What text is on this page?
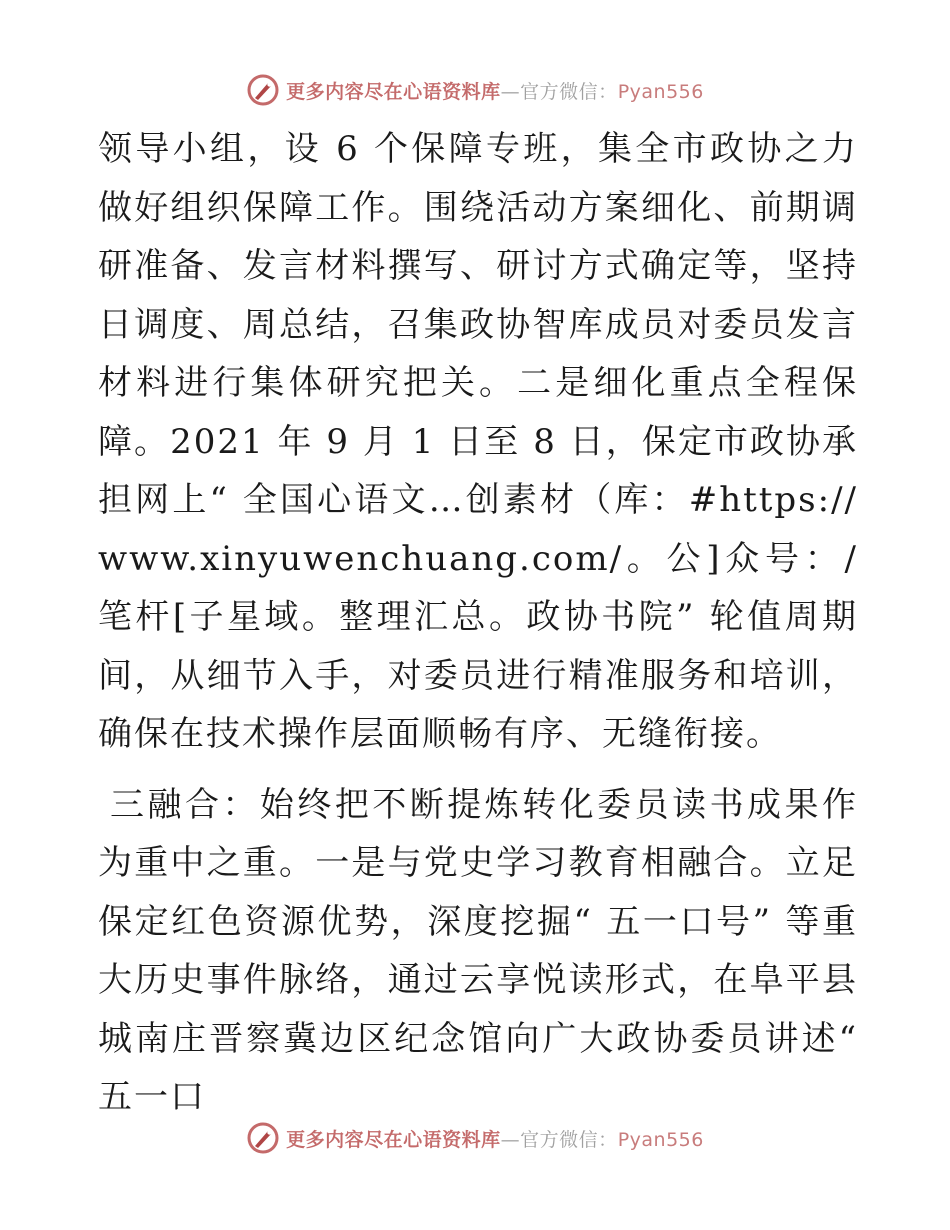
更多内容尽在心语资料库—官方微信：Pyan556

领导小组，设 6 个保障专班，集全市政协之力做好组织保障工作。围绕活动方案细化、前期调研准备、发言材料撰写、研讨方式确定等，坚持日调度、周总结，召集政协智库成员对委员发言材料进行集体研究把关。二是细化重点全程保障。2021 年 9 月 1 日至 8 日，保定市政协承担网上“ 全国心语文…创素材（库：#https://www.xinyuwenchuang.com/。公]众号：/笔杆[子星域。整理汇总。政协书院” 轮值周期间，从细节入手，对委员进行精准服务和培训，确保在技术操作层面顺畅有序、无缝衔接。

三融合：始终把不断提炼转化委员读书成果作为重中之重。一是与党史学习教育相融合。立足保定红色资源优势，深度挖掘“ 五一口号” 等重大历史事件脉络，通过云享悦读形式，在阜平县城南庄晋察冀边区纪念馆向广大政协委员讲述“ 五一口

更多内容尽在心语资料库—官方微信：Pyan556
